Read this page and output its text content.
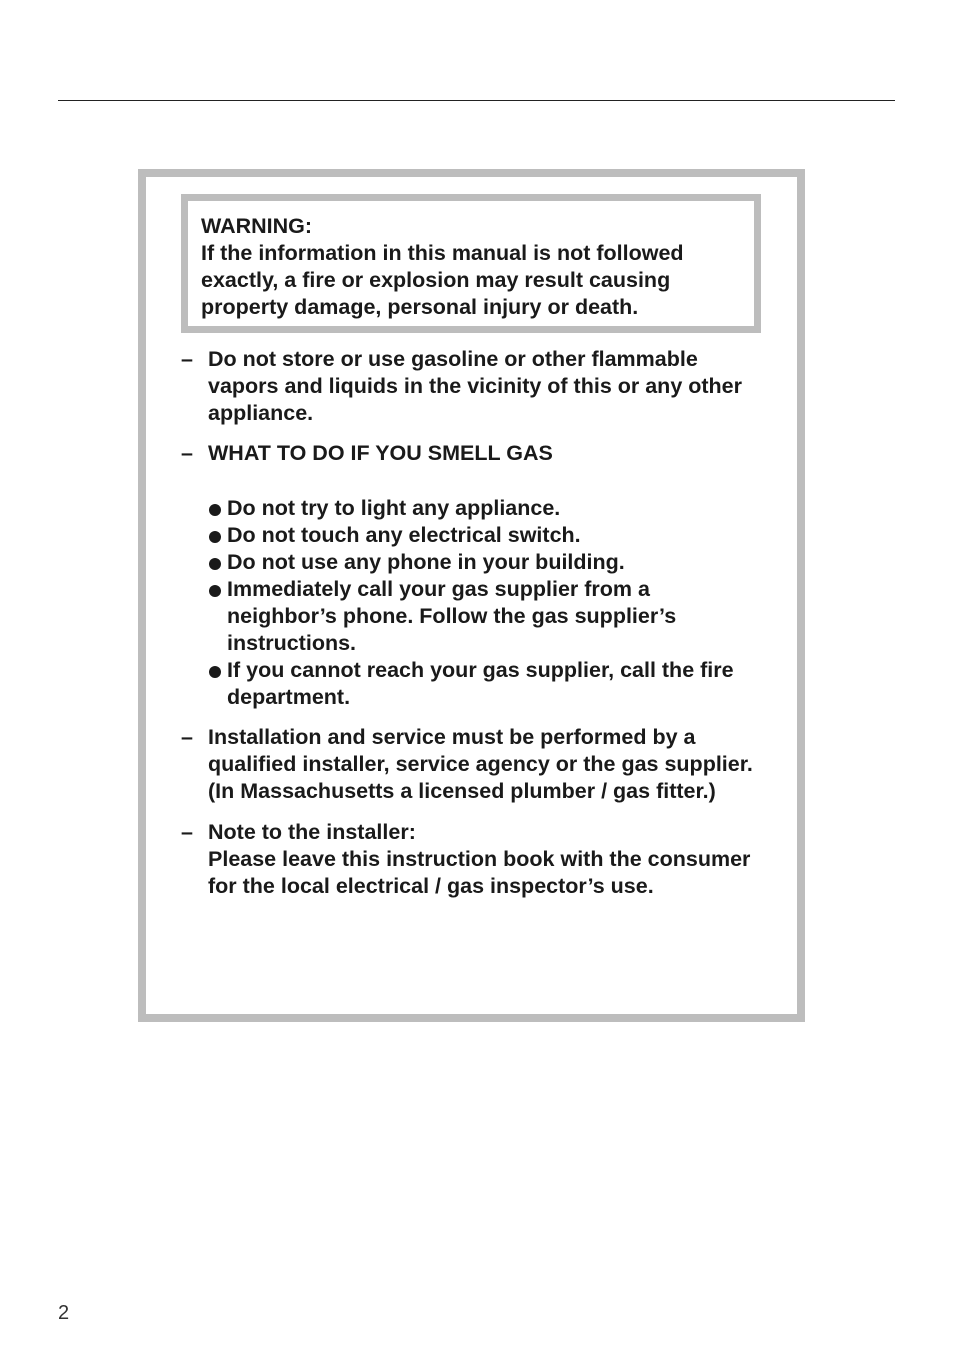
WARNING:
If the information in this manual is not followed exactly, a fire or explosion may result causing property damage, personal injury or death.
– Do not store or use gasoline or other flammable vapors and liquids in the vicinity of this or any other appliance.
– WHAT TO DO IF YOU SMELL GAS
Do not try to light any appliance.
Do not touch any electrical switch.
Do not use any phone in your building.
Immediately call your gas supplier from a neighbor’s phone. Follow the gas supplier’s instructions.
If you cannot reach your gas supplier, call the fire department.
– Installation and service must be performed by a qualified installer, service agency or the gas supplier.
(In Massachusetts a licensed plumber / gas fitter.)
– Note to the installer:
Please leave this instruction book with the consumer for the local electrical / gas inspector’s use.
2
